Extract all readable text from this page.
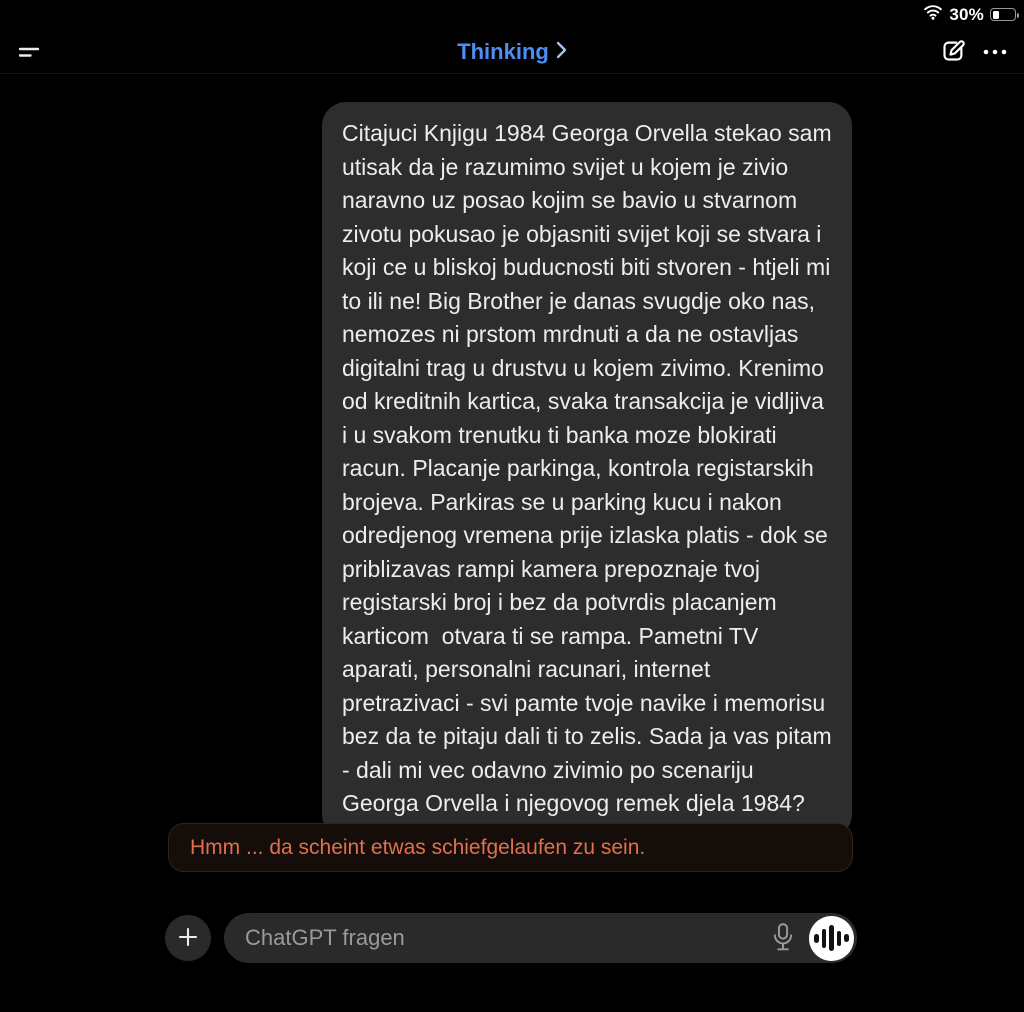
30%
Thinking
Citajuci Knjigu 1984 Georga Orvella stekao sam utisak da je razumimo svijet u kojem je zivio naravno uz posao kojim se bavio u stvarnom zivotu pokusao je objasniti svijet koji se stvara i koji ce u bliskoj buducnosti biti stvoren - htjeli mi to ili ne! Big Brother je danas svugdje oko nas, nemozes ni prstom mrdnuti a da ne ostavljas digitalni trag u drustvu u kojem zivimo. Krenimo od kreditnih kartica, svaka transakcija je vidljiva i u svakom trenutku ti banka moze blokirati racun. Placanje parkinga, kontrola registarskih brojeva. Parkiras se u parking kucu i nakon odredjenog vremena prije izlaska platis - dok se priblizavas rampi kamera prepoznaje tvoj registarski broj i bez da potvrdis placanjem karticom  otvara ti se rampa. Pametni TV aparati, personalni racunari, internet pretrazivaci - svi pamte tvoje navike i memorisu bez da te pitaju dali ti to zelis. Sada ja vas pitam - dali mi vec odavno zivimio po scenariju Georga Orvella i njegovog remek djela 1984?
Hmm ... da scheint etwas schiefgelaufen zu sein.
ChatGPT fragen
